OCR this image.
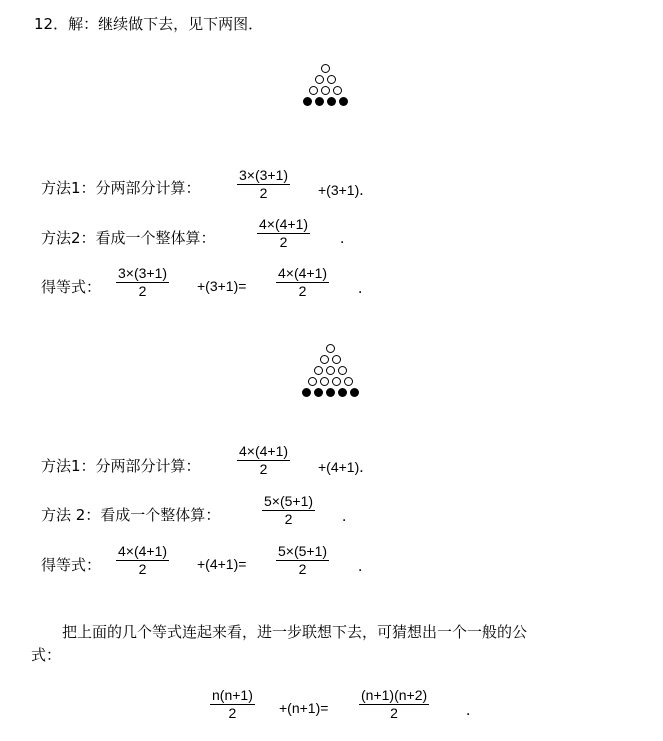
12．解：继续做下去，见下两图．
方法1：分两部分计算：
3×(3+1)
2	+(3+1)．
方法2：看成一个整体算：
4×(4+1)
2	．
得等式：
3×(3+1)
2	+(3+1)=
4×(4+1)
2	．
方法1：分两部分计算：
4×(4+1)
2	+(4+1)．
方法 2：看成一个整体算：
5×(5+1)
2	．
得等式：
4×(4+1)
2	+(4+1)=
5×(5+1)
2	．
把上面的几个等式连起来看，进一步联想下去，可猜想出一个一般的公
式：
n(n+1)
2	+(n+1)=
(n+1)(n+2)
2	．
